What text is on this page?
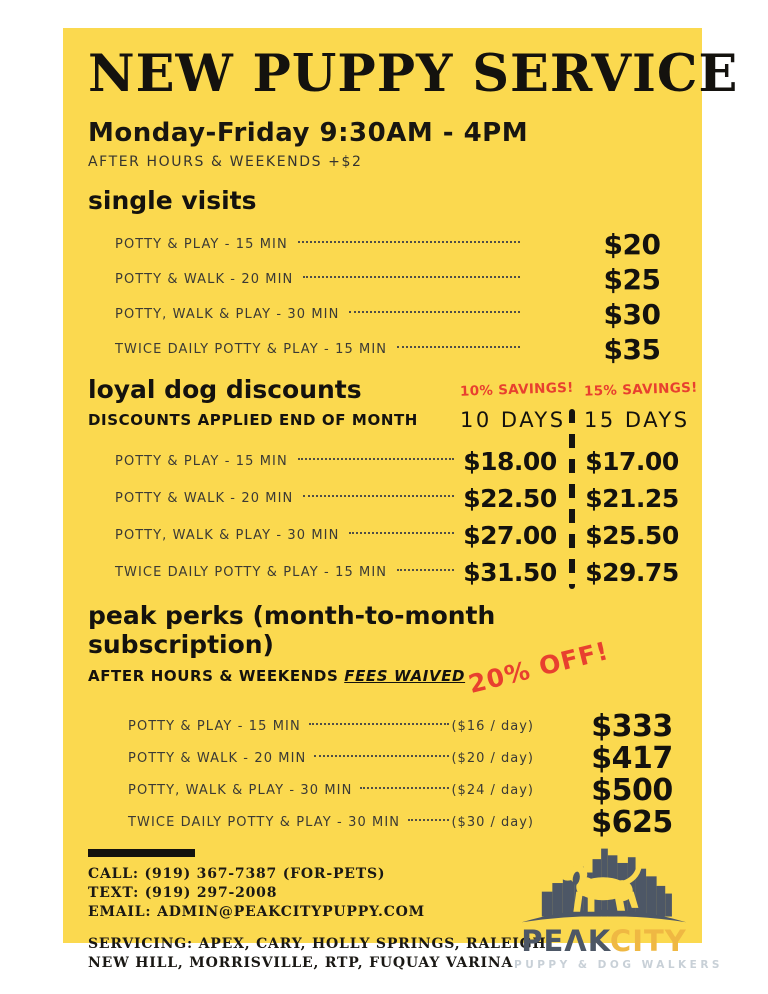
NEW PUPPY SERVICE
Monday-Friday 9:30AM - 4PM
AFTER HOURS & WEEKENDS +$2
single visits
POTTY & PLAY - 15 MIN	$20
POTTY & WALK - 20 MIN	$25
POTTY, WALK & PLAY - 30 MIN	$30
TWICE DAILY POTTY & PLAY - 15 MIN	$35
loyal dog discounts	10% SAVINGS! 15% SAVINGS!
DISCOUNTS APPLIED END OF MONTH	10 DAYS 15 DAYS
POTTY & PLAY - 15 MIN	$18.00 $17.00
POTTY & WALK - 20 MIN	$22.50 $21.25
POTTY, WALK & PLAY - 30 MIN	$27.00 $25.50
TWICE DAILY POTTY & PLAY - 15 MIN	$31.50 $29.75
peak perks (month-to-month subscription)
AFTER HOURS & WEEKENDS FEES WAIVED 20% OFF!
POTTY & PLAY - 15 MIN	($16 / day) $333
POTTY & WALK - 20 MIN	($20 / day) $417
POTTY, WALK & PLAY - 30 MIN	($24 / day) $500
TWICE DAILY POTTY & PLAY - 30 MIN	($30 / day) $625
CALL: (919) 367-7387 (FOR-PETS)
TEXT: (919) 297-2008
EMAIL: ADMIN@PEAKCITYPUPPY.COM
SERVICING: APEX, CARY, HOLLY SPRINGS, RALEIGH,
NEW HILL, MORRISVILLE, RTP, FUQUAY VARINA
PEΛKCITY
PUPPY & DOG WALKERS
